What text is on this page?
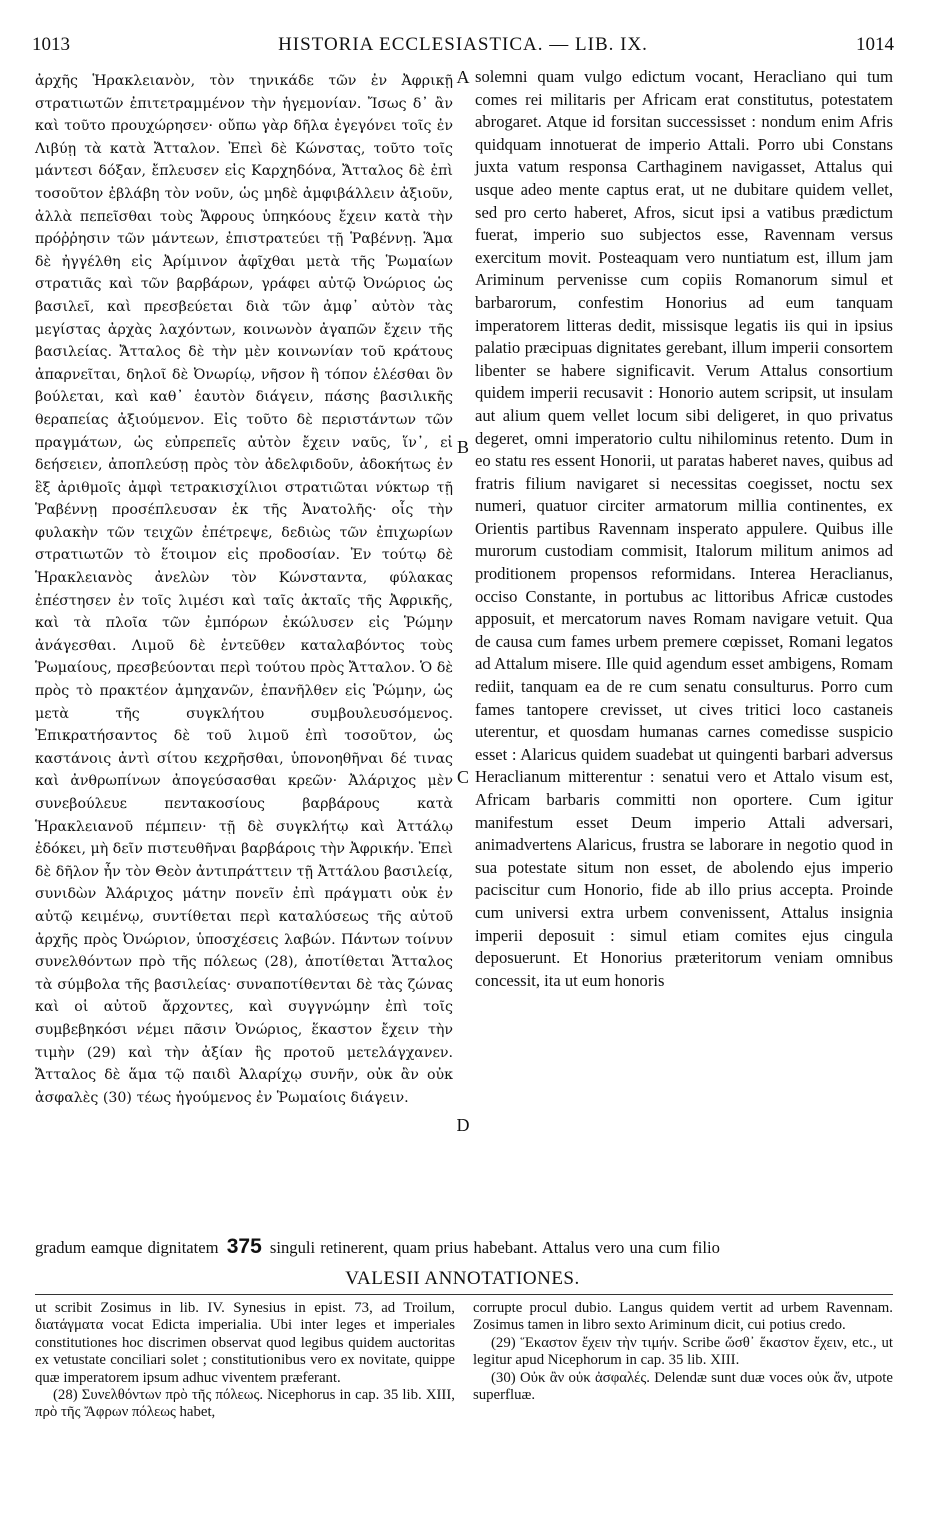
1013	HISTORIA ECCLESIASTICA. — LIB. IX.	1014
ἀρχῆς Ἡρακλειανὸν, τὸν τηνικάδε τῶν ἐν Ἀφρικῇ στρατιωτῶν ἐπιτετραμμένον τὴν ἡγεμονίαν. Ἴσως δ᾽ ἂν καὶ τοῦτο προυχώρησεν· οὔπω γὰρ δῆλα ἐγεγόνει τοῖς ἐν Λιβύῃ τὰ κατὰ Ἄτταλον. Ἐπεὶ δὲ Κώνστας, τοῦτο τοῖς μάντεσι δόξαν, ἔπλευσεν εἰς Καρχηδόνα, Ἄτταλος δὲ ἐπὶ τοσοῦτον ἐβλάβη τὸν νοῦν, ὡς μηδὲ ἀμφιβάλλειν ἀξιοῦν, ἀλλὰ πεπεῖσθαι τοὺς Ἄφρους ὑπηκόους ἔχειν κατὰ τὴν πρόῤῥησιν τῶν μάντεων, ἐπιστρατεύει τῇ Ῥαβέννῃ. Ἅμα δὲ ἠγγέλθη εἰς Ἀρίμινον ἀφῖχθαι μετὰ τῆς Ῥωμαίων στρατιᾶς καὶ τῶν βαρβάρων, γράφει αὐτῷ Ὀνώριος ὡς βασιλεῖ, καὶ πρεσβεύεται διὰ τῶν ἀμφ᾽ αὐτὸν τὰς μεγίστας ἀρχὰς λαχόντων, κοινωνὸν ἀγαπῶν ἔχειν τῆς βασιλείας. Ἄτταλος δὲ τὴν μὲν κοινωνίαν τοῦ κράτους ἀπαρνεῖται, δηλοῖ δὲ Ὀνωρίῳ, νῆσον ἢ τόπον ἑλέσθαι ὃν βούλεται, καὶ καθ᾽ ἑαυτὸν διάγειν, πάσης βασιλικῆς θεραπείας ἀξιούμενον. Εἰς τοῦτο δὲ περιστάντων τῶν πραγμάτων, ὡς εὐπρεπεῖς αὐτὸν ἔχειν ναῦς, ἵν᾽, εἰ δεήσειεν, ἀποπλεύσῃ πρὸς τὸν ἀδελφιδοῦν, ἀδοκήτως ἐν ἓξ ἀριθμοῖς ἀμφὶ τετρακισχίλιοι στρατιῶται νύκτωρ τῇ Ῥαβέννῃ προσέπλευσαν ἐκ τῆς Ἀνατολῆς· οἷς τὴν φυλακὴν τῶν τειχῶν ἐπέτρεψε, δεδιὼς τῶν ἐπιχωρίων στρατιωτῶν τὸ ἕτοιμον εἰς προδοσίαν. Ἐν τούτῳ δὲ Ἡρακλειανὸς ἀνελὼν τὸν Κώνσταντα, φύλακας ἐπέστησεν ἐν τοῖς λιμέσι καὶ ταῖς ἀκταῖς τῆς Ἀφρικῆς, καὶ τὰ πλοῖα τῶν ἐμπόρων ἐκώλυσεν εἰς Ῥώμην ἀνάγεσθαι. Λιμοῦ δὲ ἐντεῦθεν καταλαβόντος τοὺς Ῥωμαίους, πρεσβεύονται περὶ τούτου πρὸς Ἄτταλον. Ὁ δὲ πρὸς τὸ πρακτέον ἀμηχανῶν, ἐπανῆλθεν εἰς Ῥώμην, ὡς μετὰ τῆς συγκλήτου συμβουλευσόμενος. Ἐπικρατήσαντος δὲ τοῦ λιμοῦ ἐπὶ τοσοῦτον, ὡς καστάνοις ἀντὶ σίτου κεχρῆσθαι, ὑπονοηθῆναι δέ τινας καὶ ἀνθρωπίνων ἀπογεύσασθαι κρεῶν· Ἀλάριχος μὲν συνεβούλευε πεντακοσίους βαρβάρους κατὰ Ἡρακλειανοῦ πέμπειν· τῇ δὲ συγκλήτῳ καὶ Ἀττάλῳ ἐδόκει, μὴ δεῖν πιστευθῆναι βαρβάροις τὴν Ἀφρικήν. Ἐπεὶ δὲ δῆλον ἦν τὸν Θεὸν ἀντιπράττειν τῇ Ἀττάλου βασιλείᾳ, συνιδὼν Ἀλάριχος μάτην πονεῖν ἐπὶ πράγματι οὐκ ἐν αὐτῷ κειμένῳ, συντίθεται περὶ καταλύσεως τῆς αὐτοῦ ἀρχῆς πρὸς Ὀνώριον, ὑποσχέσεις λαβών. Πάντων τοίνυν συνελθόντων πρὸ τῆς πόλεως (28), ἀποτίθεται Ἄτταλος τὰ σύμβολα τῆς βασιλείας· συναποτίθενται δὲ τὰς ζώνας καὶ οἱ αὐτοῦ ἄρχοντες, καὶ συγγνώμην ἐπὶ τοῖς συμβεβηκόσι νέμει πᾶσιν Ὀνώριος, ἕκαστον ἔχειν τὴν τιμὴν (29) καὶ τὴν ἀξίαν ἣς προτοῦ μετελάγχανεν. Ἄτταλος δὲ ἅμα τῷ παιδὶ Ἀλαρίχῳ συνῆν, οὐκ ἂν οὐκ ἀσφαλὲς (30) τέως ἡγούμενος ἐν Ῥωμαίοις διάγειν.
A
B
C
D
solemni quam vulgo edictum vocant, Heracliano qui tum comes rei militaris per Africam erat constitutus, potestatem abrogaret. Atque id forsitan successisset : nondum enim Afris quidquam innotuerat de imperio Attali. Porro ubi Constans juxta vatum responsa Carthaginem navigasset, Attalus qui usque adeo mente captus erat, ut ne dubitare quidem vellet, sed pro certo haberet, Afros, sicut ipsi a vatibus prædictum fuerat, imperio suo subjectos esse, Ravennam versus exercitum movit. Posteaquam vero nuntiatum est, illum jam Ariminum pervenisse cum copiis Romanorum simul et barbarorum, confestim Honorius ad eum tanquam imperatorem litteras dedit, missisque legatis iis qui in ipsius palatio præcipuas dignitates gerebant, illum imperii consortem libenter se habere significavit. Verum Attalus consortium quidem imperii recusavit : Honorio autem scripsit, ut insulam aut alium quem vellet locum sibi deligeret, in quo privatus degeret, omni imperatorio cultu nihilominus retento. Dum in eo statu res essent Honorii, ut paratas haberet naves, quibus ad fratris filium navigaret si necessitas coegisset, noctu sex numeri, quatuor circiter armatorum millia continentes, ex Orientis partibus Ravennam insperato appulere. Quibus ille murorum custodiam commisit, Italorum militum animos ad proditionem propensos reformidans. Interea Heraclianus, occiso Constante, in portubus ac littoribus Africæ custodes apposuit, et mercatorum naves Romam navigare vetuit. Qua de causa cum fames urbem premere cœpisset, Romani legatos ad Attalum misere. Ille quid agendum esset ambigens, Romam rediit, tanquam ea de re cum senatu consulturus. Porro cum fames tantopere crevisset, ut cives tritici loco castaneis uterentur, et quosdam humanas carnes comedisse suspicio esset : Alaricus quidem suadebat ut quingenti barbari adversus Heraclianum mitterentur : senatui vero et Attalo visum est, Africam barbaris committi non oportere. Cum igitur manifestum esset Deum imperio Attali adversari, animadvertens Alaricus, frustra se laborare in negotio quod in sua potestate situm non esset, de abolendo ejus imperio paciscitur cum Honorio, fide ab illo prius accepta. Proinde cum universi extra urbem convenissent, Attalus insignia imperii deposuit : simul etiam comites ejus cingula deposuerunt. Et Honorius præteritorum veniam omnibus concessit, ita ut eum honoris
gradum eamque dignitatem 375 singuli retinerent, quam prius habebant. Attalus vero una cum filio
VALESII ANNOTATIONES.

ut scribit Zosimus in lib. IV. Synesius in epist. 73, ad Troilum, διατάγματα vocat Edicta imperialia. Ubi inter leges et imperiales constitutiones hoc discrimen observat quod legibus quidem auctoritas ex vetustate conciliari solet ; constitutionibus vero ex novitate, quippe quæ imperatorem ipsum adhuc viventem præferant.

(28) Συνελθόντων πρὸ τῆς πόλεως. Nicephorus in cap. 35 lib. XIII, πρὸ τῆς Ἄφρων πόλεως habet,

corrupte procul dubio. Langus quidem vertit ad urbem Ravennam. Zosimus tamen in libro sexto Ariminum dicit, cui potius credo.

(29) Ἕκαστον ἔχειν τὴν τιμήν. Scribe ὥσθ᾽ ἕκαστον ἔχειν, etc., ut legitur apud Nicephorum in cap. 35 lib. XIII.

(30) Οὐκ ἂν οὐκ ἀσφαλές. Delendæ sunt duæ voces οὐκ ἄν, utpote superfluæ.
